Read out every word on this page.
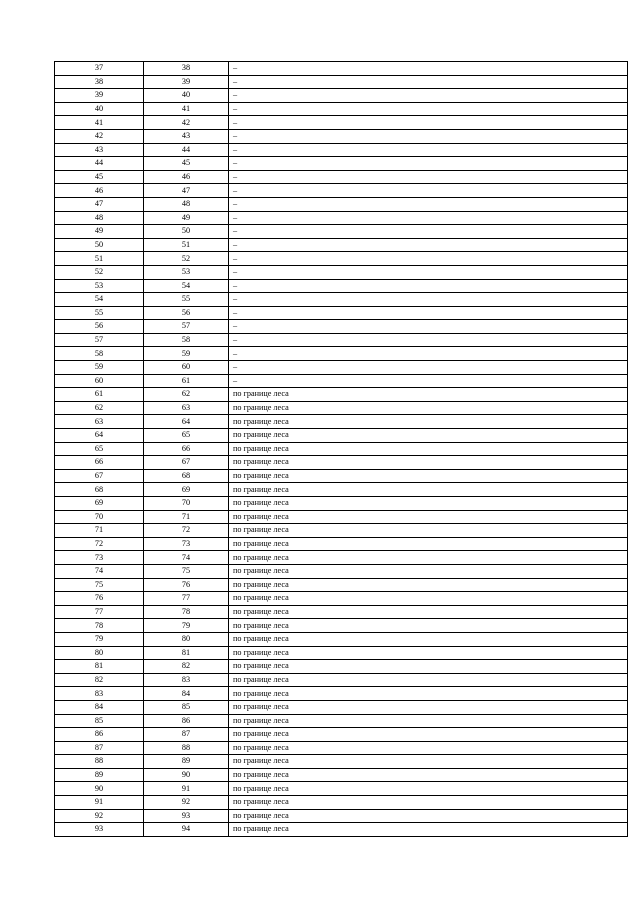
37	38	–
38	39	–
39	40	–
40	41	–
41	42	–
42	43	–
43	44	–
44	45	–
45	46	–
46	47	–
47	48	–
48	49	–
49	50	–
50	51	–
51	52	–
52	53	–
53	54	–
54	55	–
55	56	–
56	57	–
57	58	–
58	59	–
59	60	–
60	61	–
61	62	по границе леса
62	63	по границе леса
63	64	по границе леса
64	65	по границе леса
65	66	по границе леса
66	67	по границе леса
67	68	по границе леса
68	69	по границе леса
69	70	по границе леса
70	71	по границе леса
71	72	по границе леса
72	73	по границе леса
73	74	по границе леса
74	75	по границе леса
75	76	по границе леса
76	77	по границе леса
77	78	по границе леса
78	79	по границе леса
79	80	по границе леса
80	81	по границе леса
81	82	по границе леса
82	83	по границе леса
83	84	по границе леса
84	85	по границе леса
85	86	по границе леса
86	87	по границе леса
87	88	по границе леса
88	89	по границе леса
89	90	по границе леса
90	91	по границе леса
91	92	по границе леса
92	93	по границе леса
93	94	по границе леса
